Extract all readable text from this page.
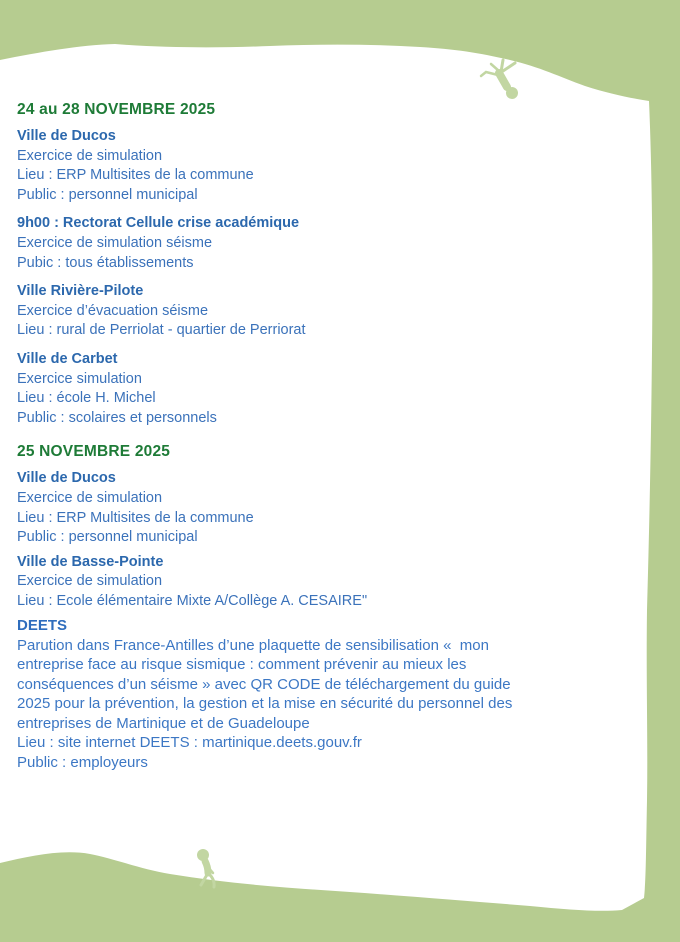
24 au 28 NOVEMBRE 2025
Ville de Ducos
Exercice de simulation
Lieu : ERP Multisites de la commune
Public : personnel municipal
9h00 : Rectorat Cellule crise académique
Exercice de simulation séisme
Pubic : tous établissements
Ville Rivière-Pilote
Exercice d’évacuation séisme
Lieu : rural de Perriolat - quartier de Perriorat
Ville de Carbet
Exercice simulation
Lieu : école H. Michel
Public : scolaires et personnels
25 NOVEMBRE 2025
Ville de Ducos
Exercice de simulation
Lieu : ERP Multisites de la commune
Public : personnel municipal
Ville de Basse-Pointe
Exercice de simulation
Lieu : Ecole élémentaire Mixte A/Collège A. CESAIRE"
DEETS
Parution dans France-Antilles d’une plaquette de sensibilisation «  mon
entreprise face au risque sismique : comment prévenir au mieux les
conséquences d’un séisme » avec QR CODE de téléchargement du guide
2025 pour la prévention, la gestion et la mise en sécurité du personnel des
entreprises de Martinique et de Guadeloupe
Lieu : site internet DEETS : martinique.deets.gouv.fr
Public : employeurs
